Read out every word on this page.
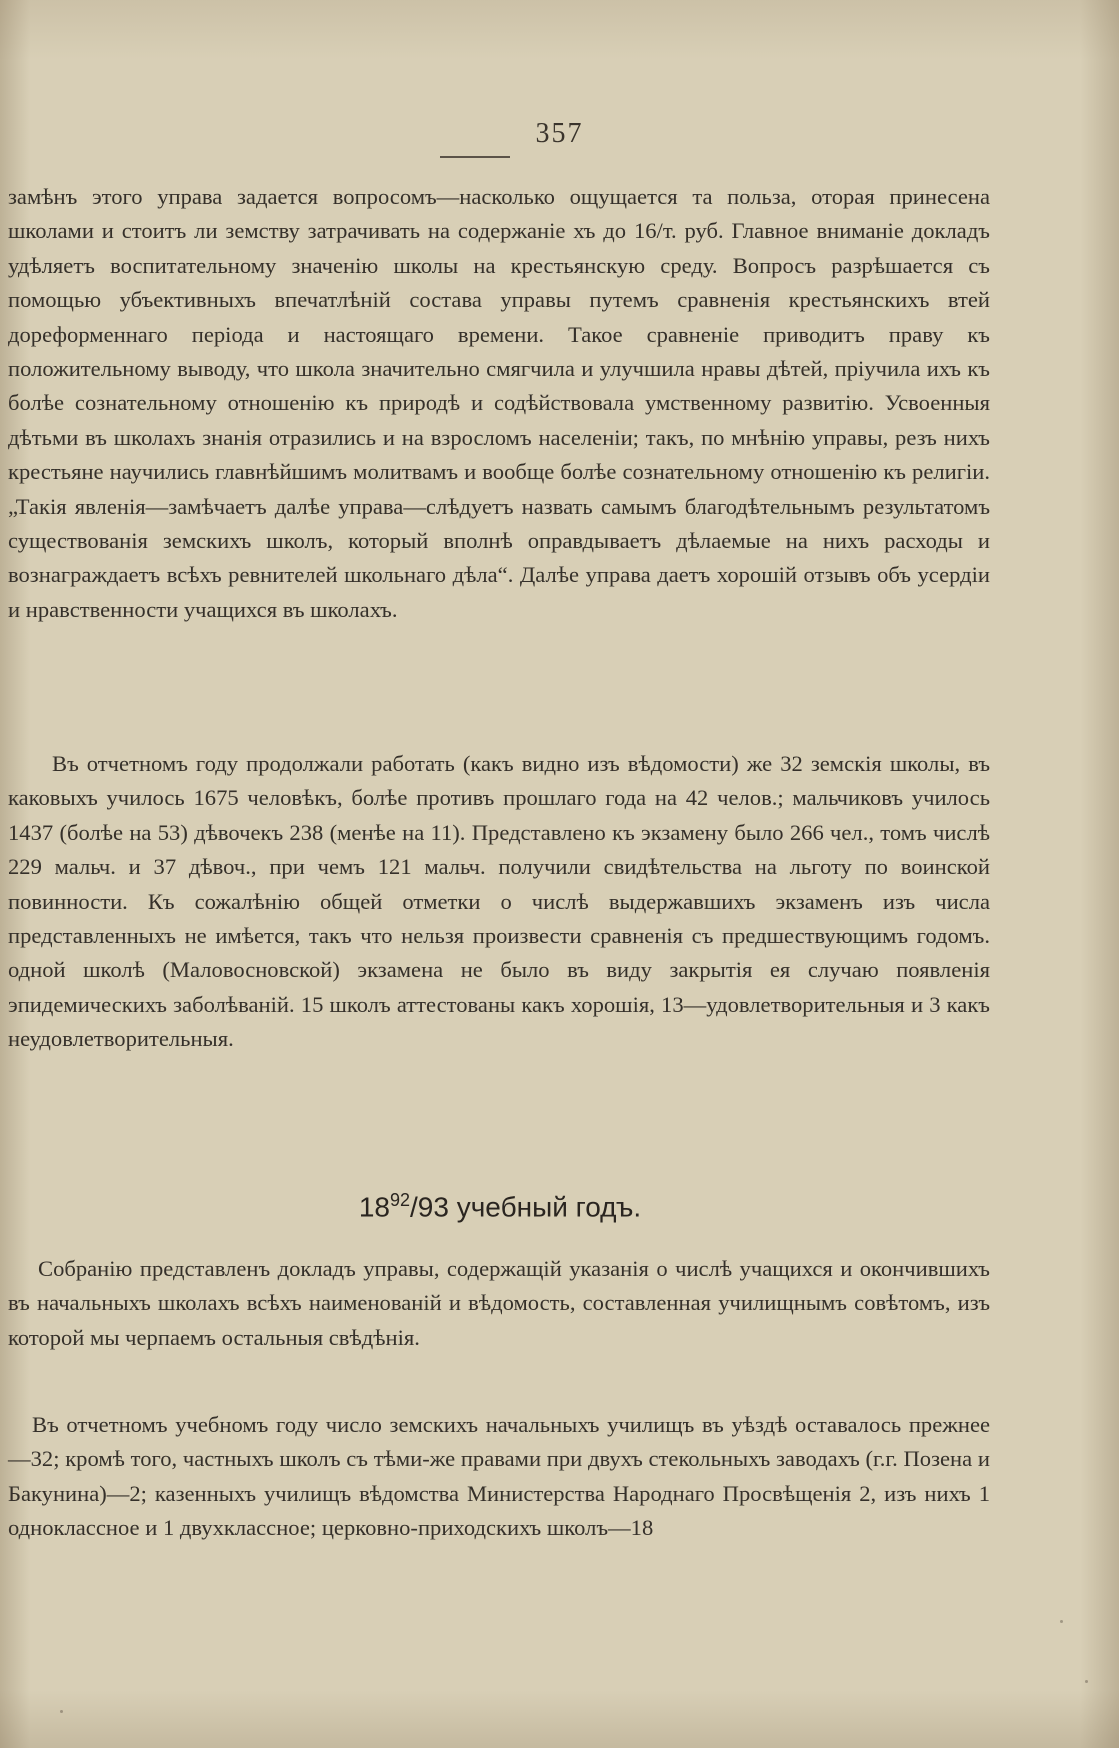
357
замѣнъ этого управа задается вопросомъ—насколько ощущается та польза, оторая принесена школами и стоитъ ли земству затрачивать на содержаніе хъ до 16/т. руб. Главное вниманіе докладъ удѣляетъ воспитательному значенію школы на крестьянскую среду. Вопросъ разрѣшается съ помощью убъективныхъ впечатлѣній состава управы путемъ сравненія крестьянскихъ втей дореформеннаго періода и настоящаго времени. Такое сравненіе приводитъ праву къ положительному выводу, что школа значительно смягчила и улучшила нравы дѣтей, пріучила ихъ къ болѣе сознательному отношенію къ природѣ и содѣйствовала умственному развитію. Усвоенныя дѣтьми въ школахъ знанія отразились и на взросломъ населеніи; такъ, по мнѣнію управы, резъ нихъ крестьяне научились главнѣйшимъ молитвамъ и вообще болѣе сознательному отношенію къ религіи. „Такія явленія—замѣчаетъ далѣе управа—слѣдуетъ назвать самымъ благодѣтельнымъ результатомъ существованія земскихъ школъ, который вполнѣ оправдываетъ дѣлаемые на нихъ расходы и вознаграждаетъ всѣхъ ревнителей школьнаго дѣла“. Далѣе управа даетъ хорошій отзывъ объ усердіи и нравственности учащихся въ школахъ.
Въ отчетномъ году продолжали работать (какъ видно изъ вѣдомости) же 32 земскія школы, въ каковыхъ училось 1675 человѣкъ, болѣе противъ прошлаго года на 42 челов.; мальчиковъ училось 1437 (болѣе на 53) дѣвочекъ 238 (менѣе на 11). Представлено къ экзамену было 266 чел., томъ числѣ 229 мальч. и 37 дѣвоч., при чемъ 121 мальч. получили свидѣтельства на льготу по воинской повинности. Къ сожалѣнію общей отметки о числѣ выдержавшихъ экзаменъ изъ числа представленныхъ не имѣется, такъ что нельзя произвести сравненія съ предшествующимъ годомъ. одной школѣ (Маловосновской) экзамена не было въ виду закрытія ея случаю появленія эпидемическихъ заболѣваній. 15 школъ аттестованы какъ хорошія, 13—удовлетворительныя и 3 какъ неудовлетворительныя.
$18^{92}/93$ учебный годъ.
Собранію представленъ докладъ управы, содержащій указанія о числѣ учащихся и окончившихъ въ начальныхъ школахъ всѣхъ наименованій и вѣдомость, составленная училищнымъ совѣтомъ, изъ которой мы черпаемъ остальныя свѣдѣнія.
Въ отчетномъ учебномъ году число земскихъ начальныхъ училищъ въ уѣздѣ оставалось прежнее—32; кромѣ того, частныхъ школъ съ тѣми-же правами при двухъ стекольныхъ заводахъ (г.г. Позена и Бакунина)—2; казенныхъ училищъ вѣдомства Министерства Народнаго Просвѣщенія 2, изъ нихъ 1 одноклассное и 1 двухклассное; церковно-приходскихъ школъ—18
